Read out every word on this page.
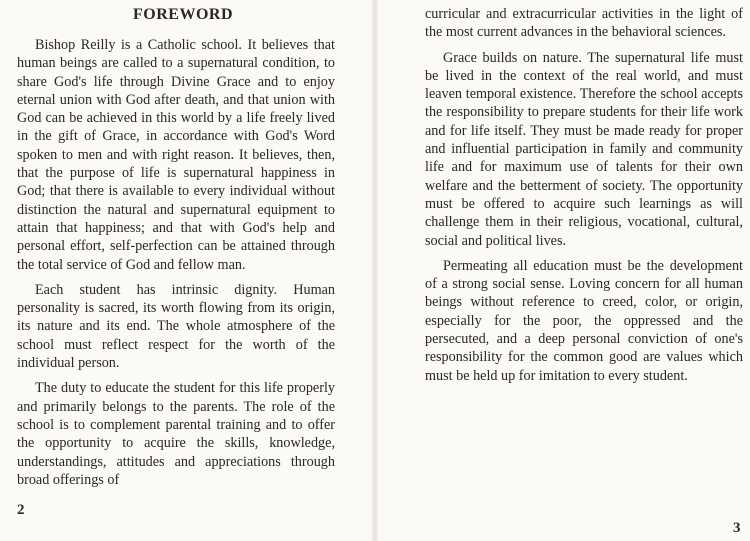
FOREWORD

Bishop Reilly is a Catholic school. It believes that human beings are called to a supernatural condition, to share God's life through Divine Grace and to enjoy eternal union with God after death, and that union with God can be achieved in this world by a life freely lived in the gift of Grace, in accordance with God's Word spoken to men and with right reason. It believes, then, that the purpose of life is supernatural happiness in God; that there is available to every individual without distinction the natural and supernatural equipment to attain that happiness; and that with God's help and personal effort, self-perfection can be attained through the total service of God and fellow man.

Each student has intrinsic dignity. Human personality is sacred, its worth flowing from its origin, its nature and its end. The whole atmosphere of the school must reflect respect for the worth of the individual person.

The duty to educate the student for this life properly and primarily belongs to the parents. The role of the school is to complement parental training and to offer the opportunity to acquire the skills, knowledge, understandings, attitudes and appreciations through broad offerings of

2

curricular and extracurricular activities in the light of the most current advances in the behavioral sciences.

Grace builds on nature. The supernatural life must be lived in the context of the real world, and must leaven temporal existence. Therefore the school accepts the responsibility to prepare students for their life work and for life itself. They must be made ready for proper and influential participation in family and community life and for maximum use of talents for their own welfare and the betterment of society. The opportunity must be offered to acquire such learnings as will challenge them in their religious, vocational, cultural, social and political lives.

Permeating all education must be the development of a strong social sense. Loving concern for all human beings without reference to creed, color, or origin, especially for the poor, the oppressed and the persecuted, and a deep personal conviction of one's responsibility for the common good are values which must be held up for imitation to every student.

3
